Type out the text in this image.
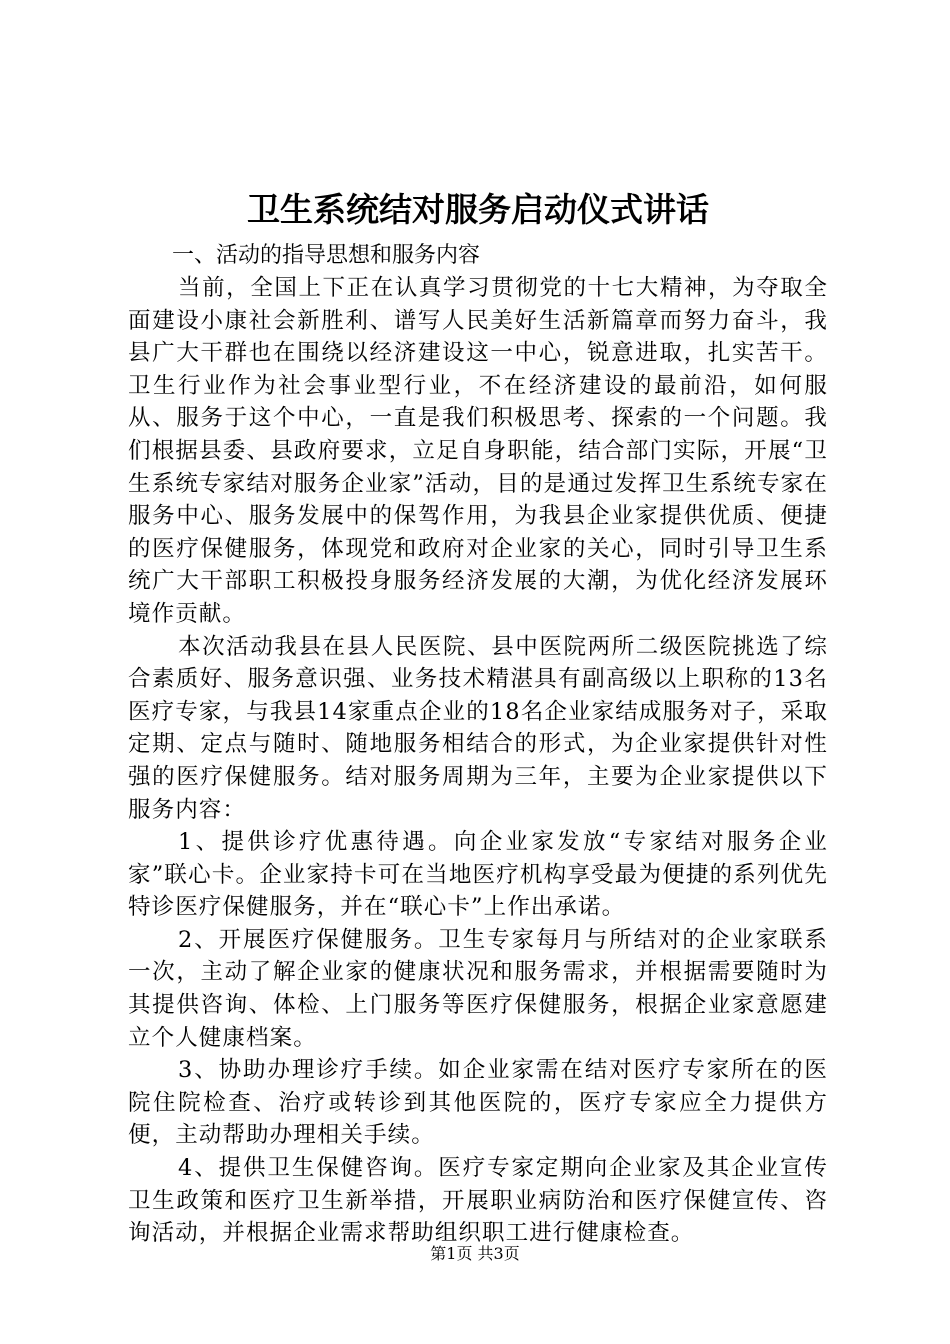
卫生系统结对服务启动仪式讲话

一、活动的指导思想和服务内容

当前，全国上下正在认真学习贯彻党的十七大精神，为夺取全面建设小康社会新胜利、谱写人民美好生活新篇章而努力奋斗，我县广大干群也在围绕以经济建设这一中心，锐意进取，扎实苦干。卫生行业作为社会事业型行业，不在经济建设的最前沿，如何服从、服务于这个中心，一直是我们积极思考、探索的一个问题。我们根据县委、县政府要求，立足自身职能，结合部门实际，开展“卫生系统专家结对服务企业家”活动，目的是通过发挥卫生系统专家在服务中心、服务发展中的保驾作用，为我县企业家提供优质、便捷的医疗保健服务，体现党和政府对企业家的关心，同时引导卫生系统广大干部职工积极投身服务经济发展的大潮，为优化经济发展环境作贡献。

本次活动我县在县人民医院、县中医院两所二级医院挑选了综合素质好、服务意识强、业务技术精湛具有副高级以上职称的13名医疗专家，与我县14家重点企业的18名企业家结成服务对子，采取定期、定点与随时、随地服务相结合的形式，为企业家提供针对性强的医疗保健服务。结对服务周期为三年，主要为企业家提供以下服务内容：

1、提供诊疗优惠待遇。向企业家发放“专家结对服务企业家”联心卡。企业家持卡可在当地医疗机构享受最为便捷的系列优先特诊医疗保健服务，并在“联心卡”上作出承诺。

2、开展医疗保健服务。卫生专家每月与所结对的企业家联系一次，主动了解企业家的健康状况和服务需求，并根据需要随时为其提供咨询、体检、上门服务等医疗保健服务，根据企业家意愿建立个人健康档案。

3、协助办理诊疗手续。如企业家需在结对医疗专家所在的医院住院检查、治疗或转诊到其他医院的，医疗专家应全力提供方便，主动帮助办理相关手续。

4、提供卫生保健咨询。医疗专家定期向企业家及其企业宣传卫生政策和医疗卫生新举措，开展职业病防治和医疗保健宣传、咨询活动，并根据企业需求帮助组织职工进行健康检查。

第1页 共3页
